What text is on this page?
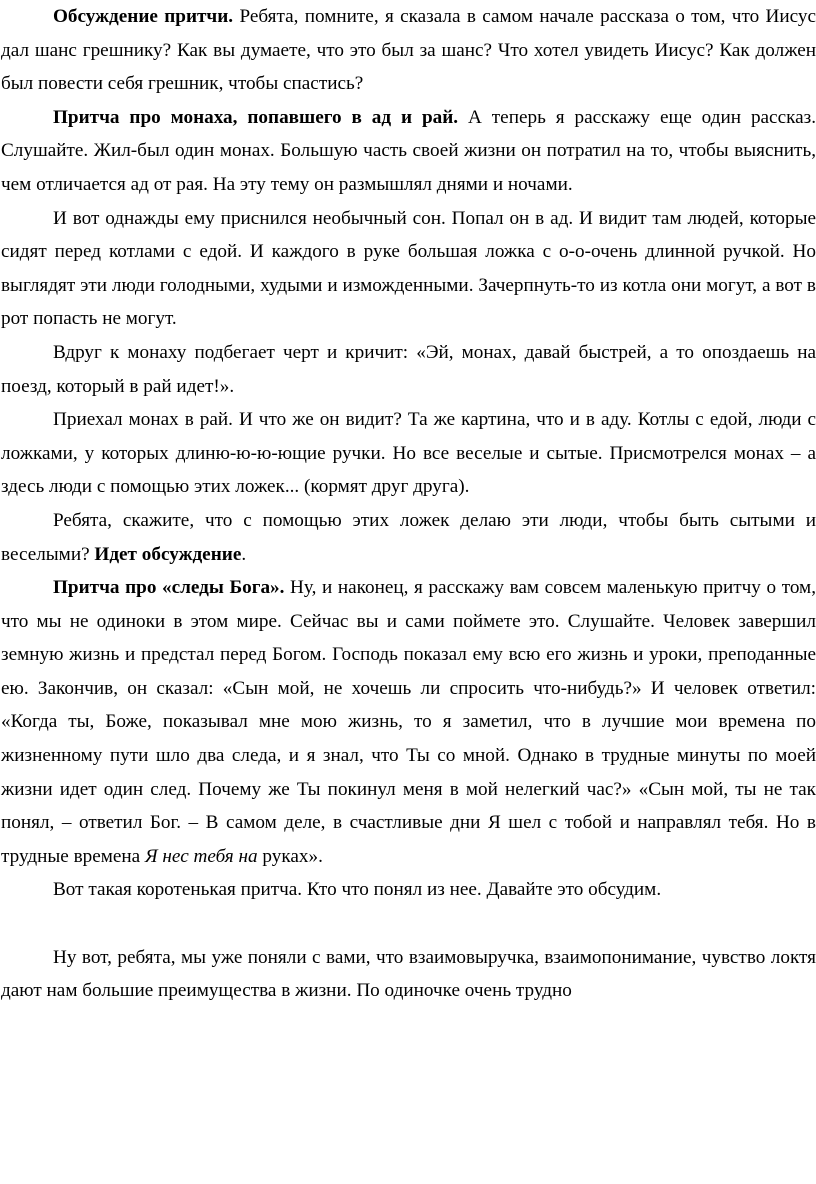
Обсуждение притчи. Ребята, помните, я сказала в самом начале рассказа о том, что Иисус дал шанс грешнику? Как вы думаете, что это был за шанс? Что хотел увидеть Иисус? Как должен был повести себя грешник, чтобы спастись?

Притча про монаха, попавшего в ад и рай. А теперь я расскажу еще один рассказ. Слушайте. Жил-был один монах. Большую часть своей жизни он потратил на то, чтобы выяснить, чем отличается ад от рая. На эту тему он размышлял днями и ночами.

И вот однажды ему приснился необычный сон. Попал он в ад. И видит там людей, которые сидят перед котлами с едой. И каждого в руке большая ложка с о-о-очень длинной ручкой. Но выглядят эти люди голодными, худыми и изможденными. Зачерпнуть-то из котла они могут, а вот в рот попасть не могут.

Вдруг к монаху подбегает черт и кричит: «Эй, монах, давай быстрей, а то опоздаешь на поезд, который в рай идет!».

Приехал монах в рай. И что же он видит? Та же картина, что и в аду. Котлы с едой, люди с ложками, у которых длиню-ю-ю-ющие ручки. Но все веселые и сытые. Присмотрелся монах – а здесь люди с помощью этих ложек... (кормят друг друга).

Ребята, скажите, что с помощью этих ложек делаю эти люди, чтобы быть сытыми и веселыми? Идет обсуждение.

Притча про «следы Бога». Ну, и наконец, я расскажу вам совсем маленькую притчу о том, что мы не одиноки в этом мире. Сейчас вы и сами поймете это. Слушайте. Человек завершил земную жизнь и предстал перед Богом. Господь показал ему всю его жизнь и уроки, преподанные ею. Закончив, он сказал: «Сын мой, не хочешь ли спросить что-нибудь?» И человек ответил: «Когда ты, Боже, показывал мне мою жизнь, то я заметил, что в лучшие мои времена по жизненному пути шло два следа, и я знал, что Ты со мной. Однако в трудные минуты по моей жизни идет один след. Почему же Ты покинул меня в мой нелегкий час?» «Сын мой, ты не так понял, – ответил Бог. – В самом деле, в счастливые дни Я шел с тобой и направлял тебя. Но в трудные времена Я нес тебя на руках».

Вот такая коротенькая притча. Кто что понял из нее. Давайте это обсудим.

Ну вот, ребята, мы уже поняли с вами, что взаимовыручка, взаимопонимание, чувство локтя дают нам большие преимущества в жизни. По одиночке очень трудно
